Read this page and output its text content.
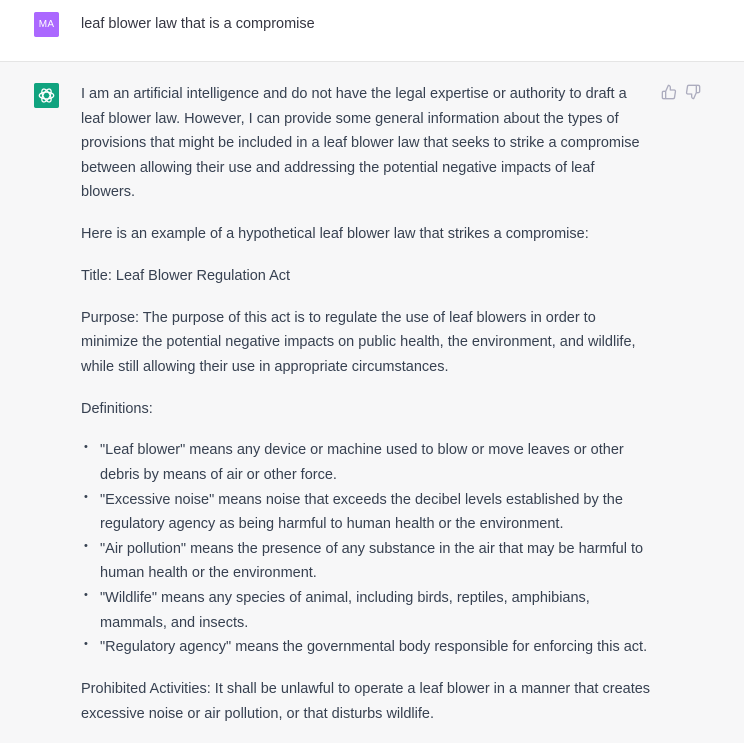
MA	leaf blower law that is a compromise

I am an artificial intelligence and do not have the legal expertise or authority to draft a leaf blower law. However, I can provide some general information about the types of provisions that might be included in a leaf blower law that seeks to strike a compromise between allowing their use and addressing the potential negative impacts of leaf blowers.

Here is an example of a hypothetical leaf blower law that strikes a compromise:

Title: Leaf Blower Regulation Act

Purpose: The purpose of this act is to regulate the use of leaf blowers in order to minimize the potential negative impacts on public health, the environment, and wildlife, while still allowing their use in appropriate circumstances.

Definitions:

• "Leaf blower" means any device or machine used to blow or move leaves or other debris by means of air or other force.
• "Excessive noise" means noise that exceeds the decibel levels established by the regulatory agency as being harmful to human health or the environment.
• "Air pollution" means the presence of any substance in the air that may be harmful to human health or the environment.
• "Wildlife" means any species of animal, including birds, reptiles, amphibians, mammals, and insects.
• "Regulatory agency" means the governmental body responsible for enforcing this act.

Prohibited Activities: It shall be unlawful to operate a leaf blower in a manner that creates excessive noise or air pollution, or that disturbs wildlife.
